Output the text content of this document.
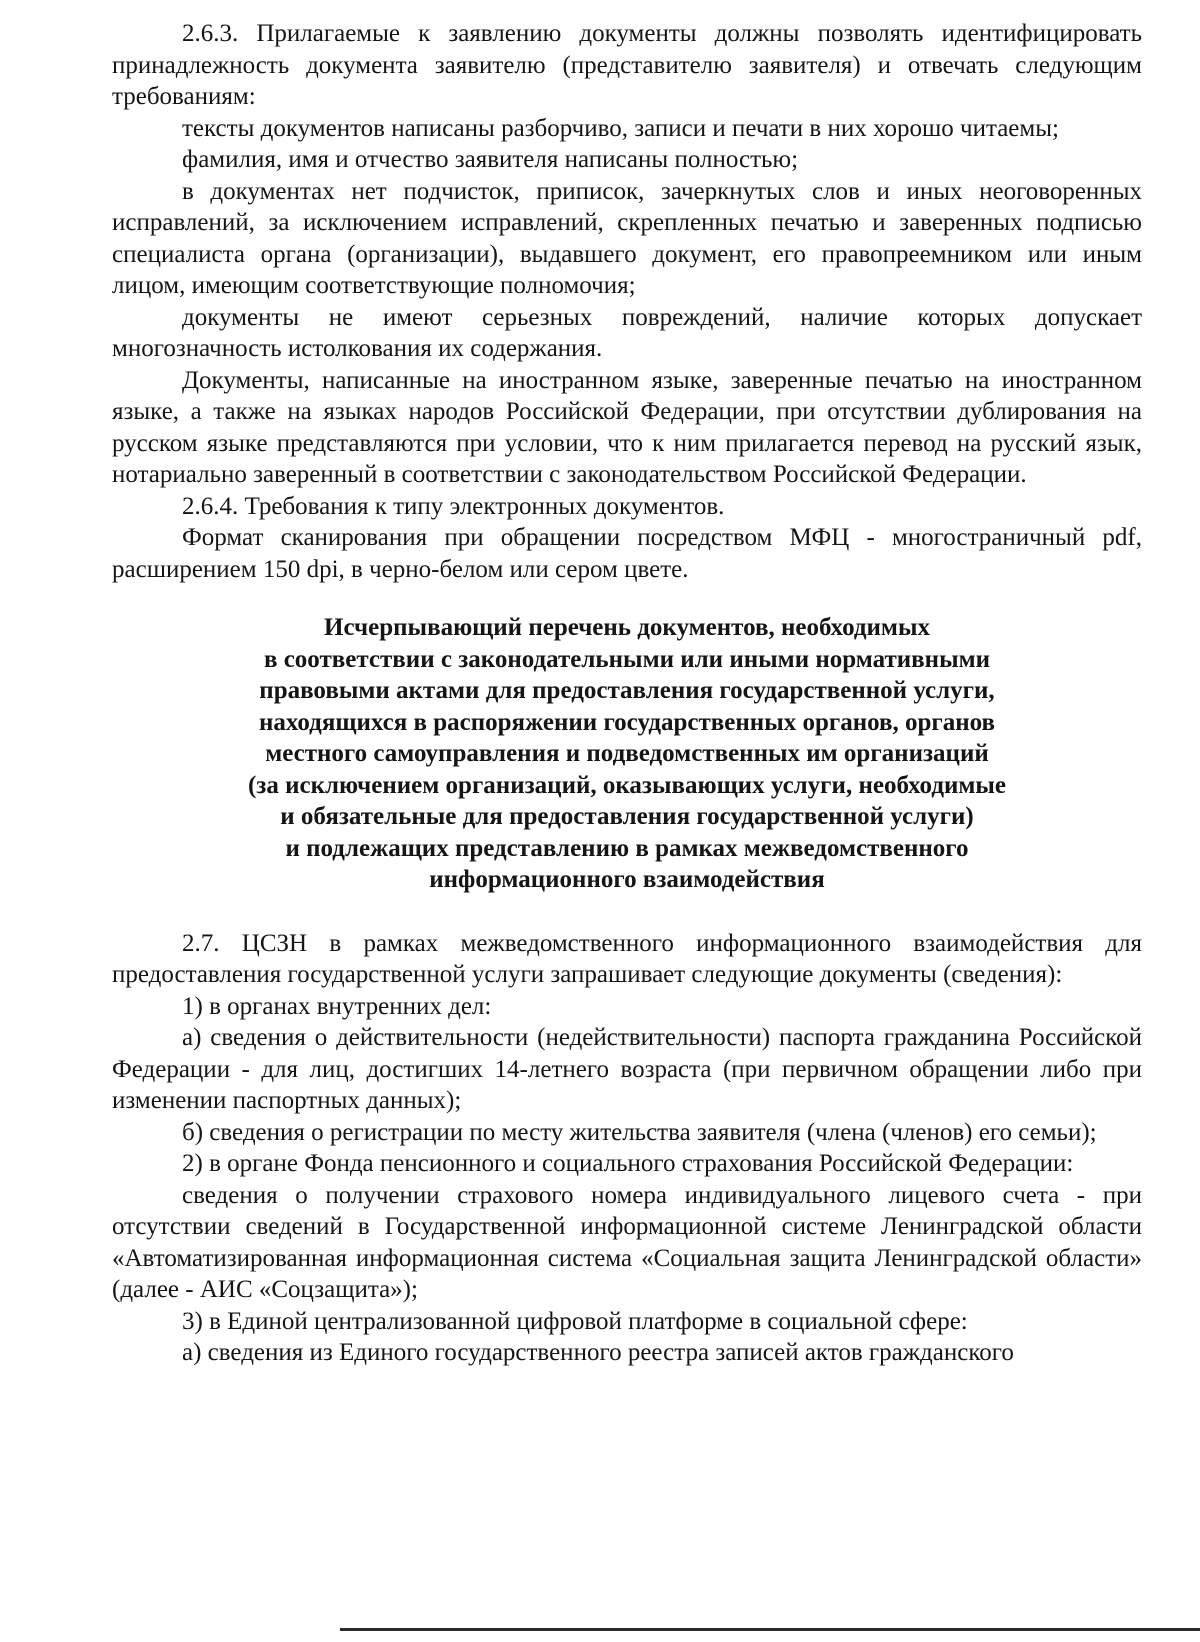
2.6.3. Прилагаемые к заявлению документы должны позволять идентифицировать принадлежность документа заявителю (представителю заявителя) и отвечать следующим требованиям:

тексты документов написаны разборчиво, записи и печати в них хорошо читаемы;

фамилия, имя и отчество заявителя написаны полностью;

в документах нет подчисток, приписок, зачеркнутых слов и иных неоговоренных исправлений, за исключением исправлений, скрепленных печатью и заверенных подписью специалиста органа (организации), выдавшего документ, его правопреемником или иным лицом, имеющим соответствующие полномочия;

документы не имеют серьезных повреждений, наличие которых допускает многозначность истолкования их содержания.

Документы, написанные на иностранном языке, заверенные печатью на иностранном языке, а также на языках народов Российской Федерации, при отсутствии дублирования на русском языке представляются при условии, что к ним прилагается перевод на русский язык, нотариально заверенный в соответствии с законодательством Российской Федерации.

2.6.4. Требования к типу электронных документов.

Формат сканирования при обращении посредством МФЦ - многостраничный pdf, расширением 150 dpi, в черно-белом или сером цвете.

Исчерпывающий перечень документов, необходимых
в соответствии с законодательными или иными нормативными
правовыми актами для предоставления государственной услуги,
находящихся в распоряжении государственных органов, органов
местного самоуправления и подведомственных им организаций
(за исключением организаций, оказывающих услуги, необходимые
и обязательные для предоставления государственной услуги)
и подлежащих представлению в рамках межведомственного
информационного взаимодействия

2.7. ЦСЗН в рамках межведомственного информационного взаимодействия для предоставления государственной услуги запрашивает следующие документы (сведения):

1) в органах внутренних дел:

а) сведения о действительности (недействительности) паспорта гражданина Российской Федерации - для лиц, достигших 14-летнего возраста (при первичном обращении либо при изменении паспортных данных);

б) сведения о регистрации по месту жительства заявителя (члена (членов) его семьи);

2) в органе Фонда пенсионного и социального страхования Российской Федерации:

сведения о получении страхового номера индивидуального лицевого счета - при отсутствии сведений в Государственной информационной системе Ленинградской области «Автоматизированная информационная система «Социальная защита Ленинградской области» (далее - АИС «Соцзащита»);

3) в Единой централизованной цифровой платформе в социальной сфере:

а) сведения из Единого государственного реестра записей актов гражданского
